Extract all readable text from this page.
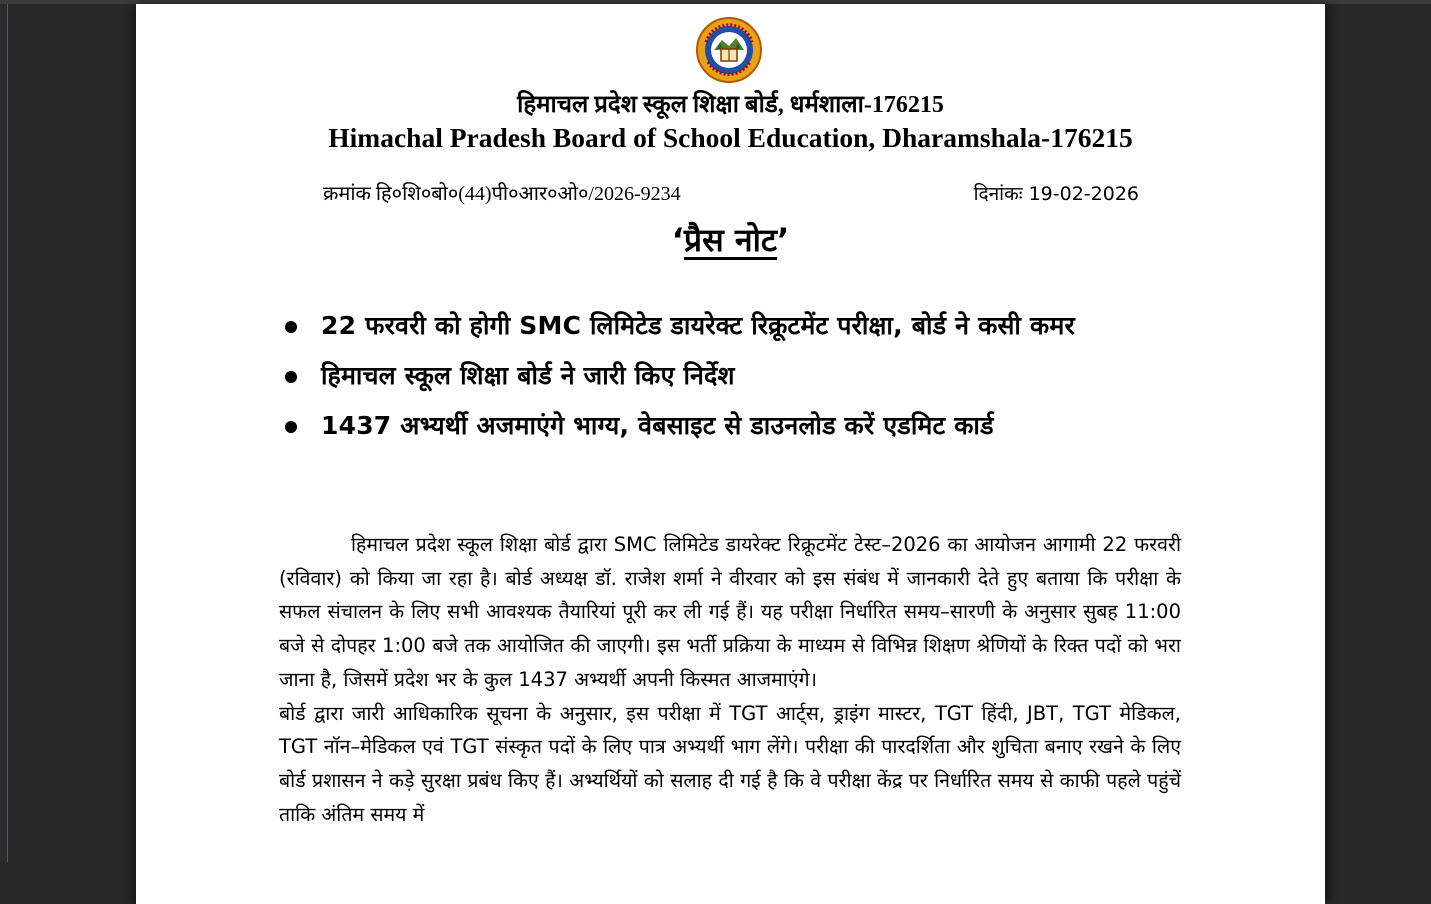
हिमाचल प्रदेश स्कूल शिक्षा बोर्ड, धर्मशाला-176215
Himachal Pradesh Board of School Education, Dharamshala-176215
क्रमांक हि०शि०बो०(44)पी०आर०ओ०/2026-9234	दिनांकः 19-02-2026
‘प्रैस नोट’
22 फरवरी को होगी SMC लिमिटेड डायरेक्ट रिक्रूटमेंट परीक्षा, बोर्ड ने कसी कमर
हिमाचल स्कूल शिक्षा बोर्ड ने जारी किए निर्देश
1437 अभ्यर्थी अजमाएंगे भाग्य, वेबसाइट से डाउनलोड करें एडमिट कार्ड

हिमाचल प्रदेश स्कूल शिक्षा बोर्ड द्वारा SMC लिमिटेड डायरेक्ट रिक्रूटमेंट टेस्ट–2026 का आयोजन आगामी 22 फरवरी (रविवार) को किया जा रहा है। बोर्ड अध्यक्ष डॉ. राजेश शर्मा ने वीरवार को इस संबंध में जानकारी देते हुए बताया कि परीक्षा के सफल संचालन के लिए सभी आवश्यक तैयारियां पूरी कर ली गई हैं। यह परीक्षा निर्धारित समय–सारणी के अनुसार सुबह 11:00 बजे से दोपहर 1:00 बजे तक आयोजित की जाएगी। इस भर्ती प्रक्रिया के माध्यम से विभिन्न शिक्षण श्रेणियों के रिक्त पदों को भरा जाना है, जिसमें प्रदेश भर के कुल 1437 अभ्यर्थी अपनी किस्मत आजमाएंगे।

बोर्ड द्वारा जारी आधिकारिक सूचना के अनुसार, इस परीक्षा में TGT आर्ट्स, ड्राइंग मास्टर, TGT हिंदी, JBT, TGT मेडिकल, TGT नॉन–मेडिकल एवं TGT संस्कृत पदों के लिए पात्र अभ्यर्थी भाग लेंगे। परीक्षा की पारदर्शिता और शुचिता बनाए रखने के लिए बोर्ड प्रशासन ने कड़े सुरक्षा प्रबंध किए हैं। अभ्यर्थियों को सलाह दी गई है कि वे परीक्षा केंद्र पर निर्धारित समय से काफी पहले पहुंचें ताकि अंतिम समय में
